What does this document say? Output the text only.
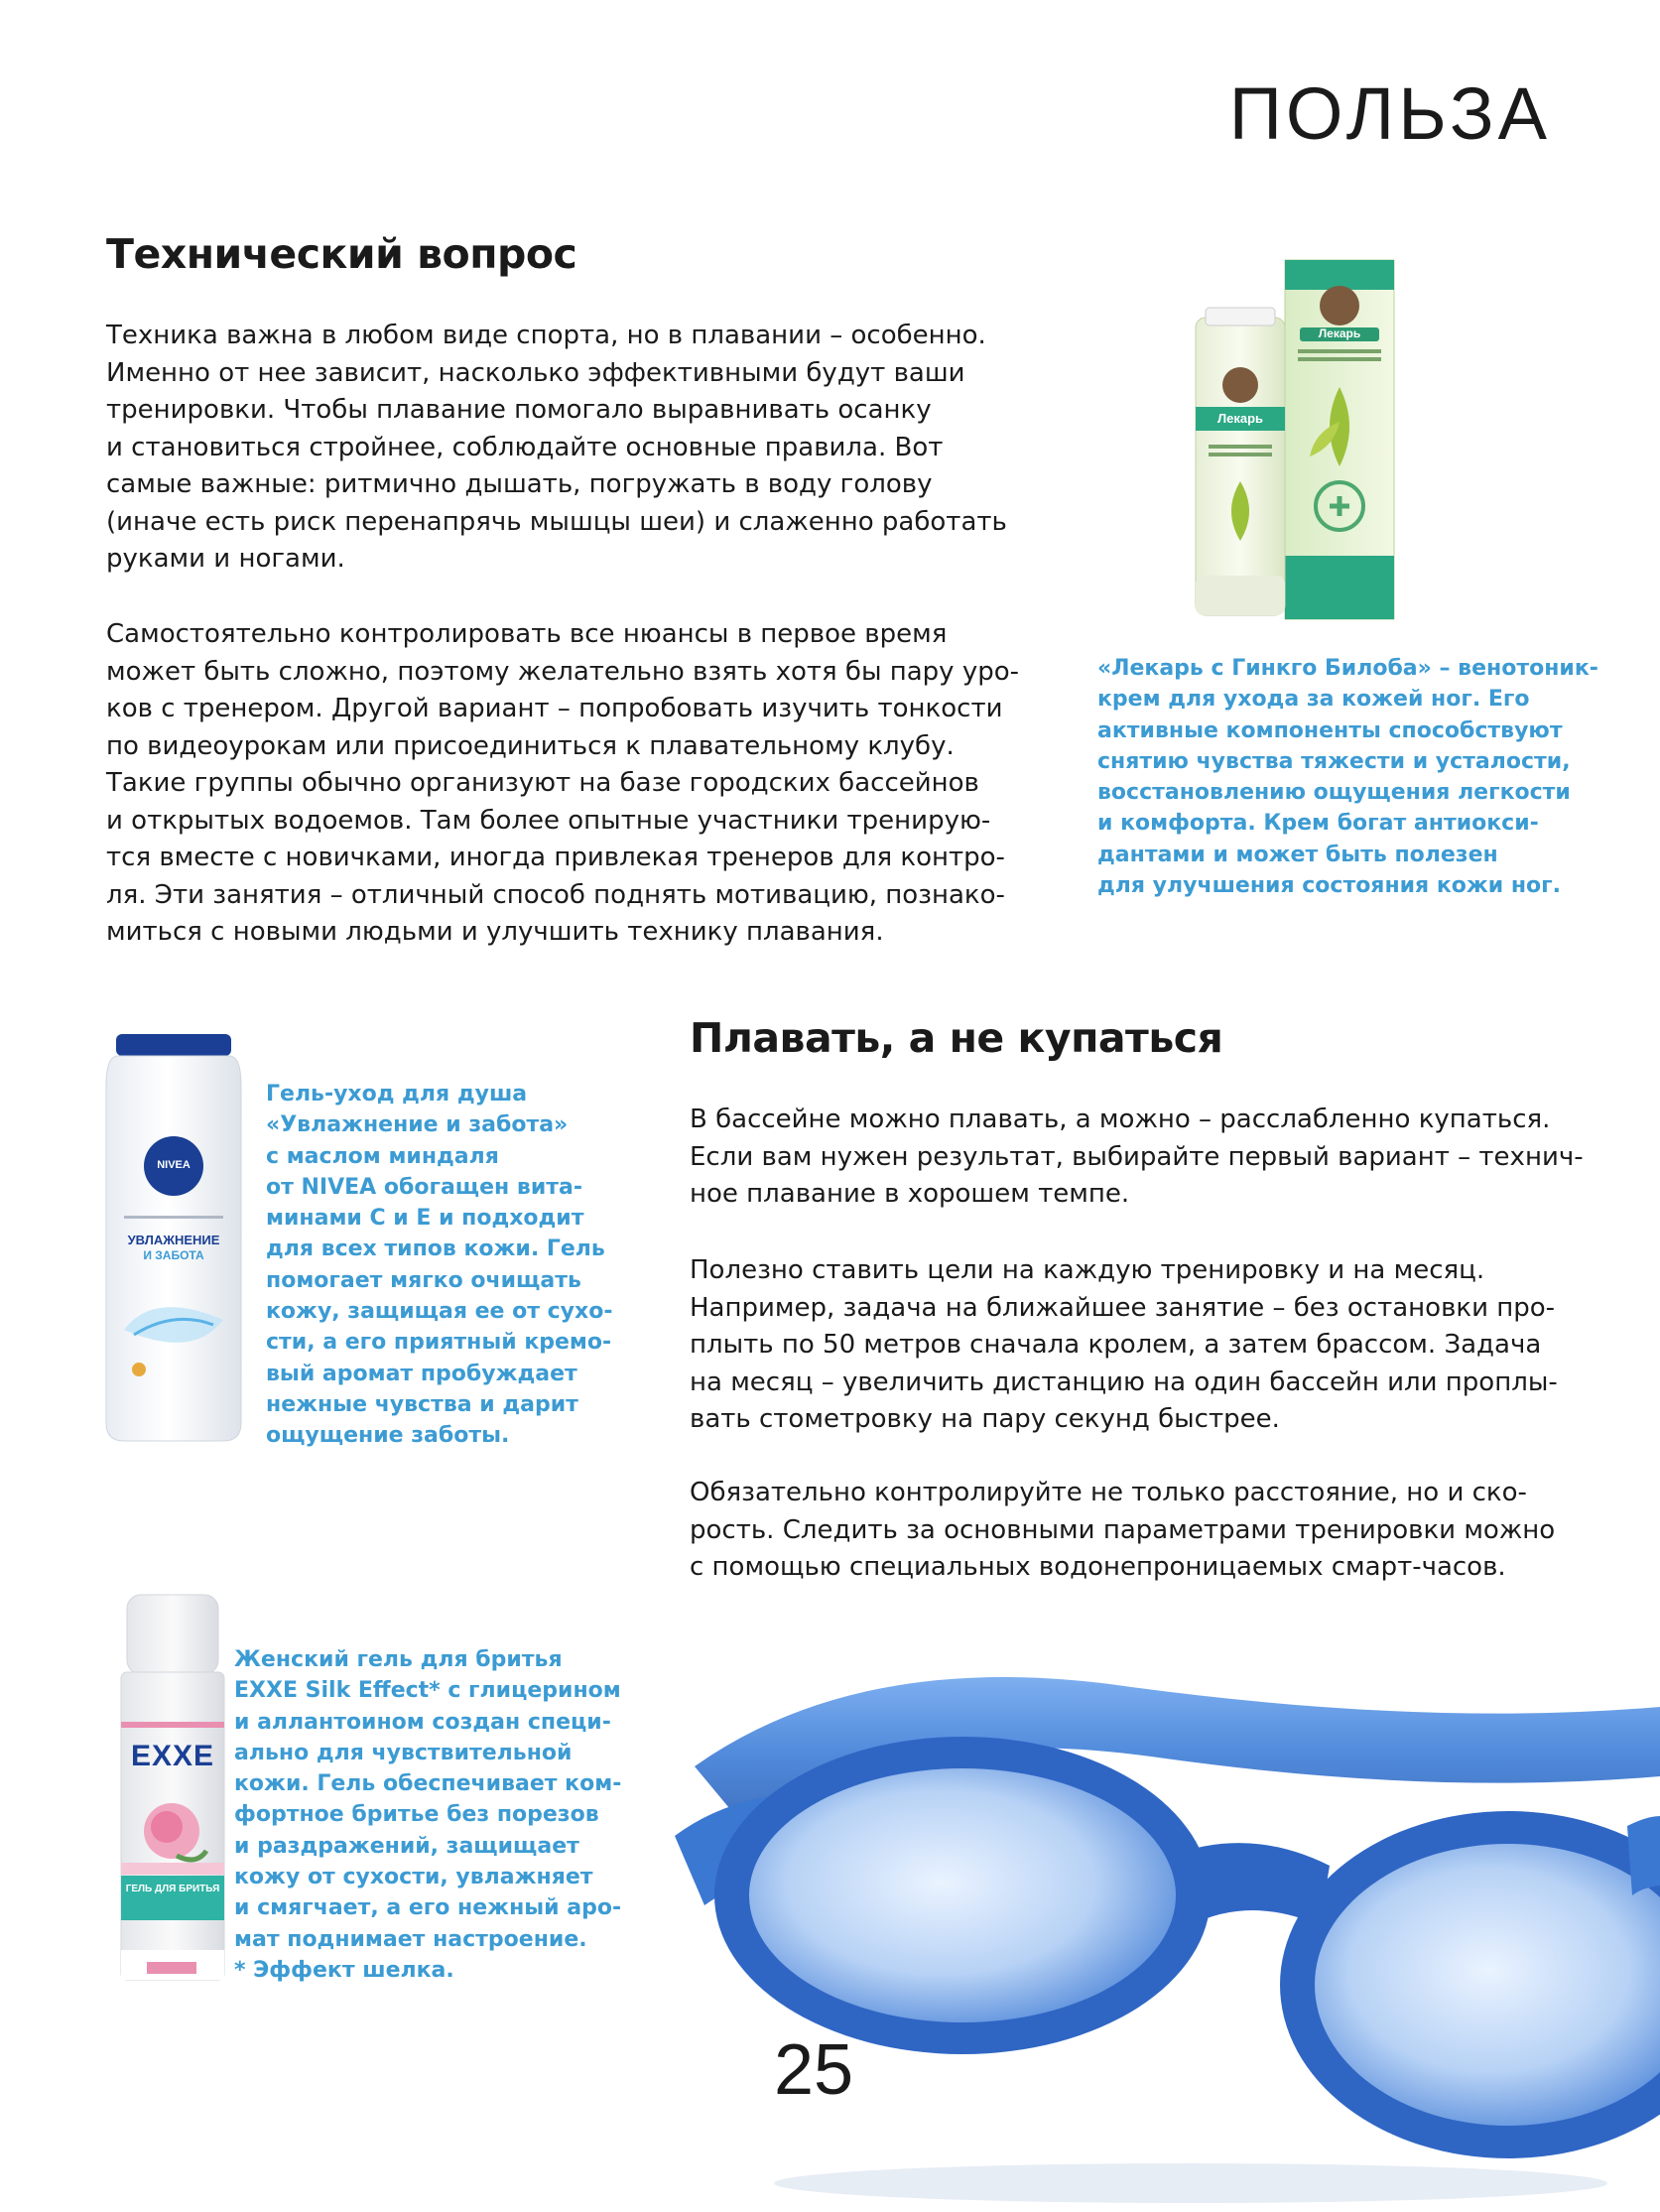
ПОЛЬЗА
Технический вопрос

Техника важна в любом виде спорта, но в плавании – особенно.
Именно от нее зависит, насколько эффективными будут ваши
тренировки. Чтобы плавание помогало выравнивать осанку
и становиться стройнее, соблюдайте основные правила. Вот
самые важные: ритмично дышать, погружать в воду голову
(иначе есть риск перенапрячь мышцы шеи) и слаженно работать
руками и ногами.

Самостоятельно контролировать все нюансы в первое время
может быть сложно, поэтому желательно взять хотя бы пару уро-
ков с тренером. Другой вариант – попробовать изучить тонкости
по видеоурокам или присоединиться к плавательному клубу.
Такие группы обычно организуют на базе городских бассейнов
и открытых водоемов. Там более опытные участники тренирую-
тся вместе с новичками, иногда привлекая тренеров для контро-
ля. Эти занятия – отличный способ поднять мотивацию, познако-
миться с новыми людьми и улучшить технику плавания.

Лекарь
Лекарь

«Лекарь с Гинкго Билоба» – венотоник-
крем для ухода за кожей ног. Его
активные компоненты способствуют
снятию чувства тяжести и усталости,
восстановлению ощущения легкости
и комфорта. Крем богат антиокси-
дантами и может быть полезен
для улучшения состояния кожи ног.

NIVEA
УВЛАЖНЕНИЕ
И ЗАБОТА

Гель-уход для душа
«Увлажнение и забота»
с маслом миндаля
от NIVEA обогащен вита-
минами С и Е и подходит
для всех типов кожи. Гель
помогает мягко очищать
кожу, защищая ее от сухо-
сти, а его приятный кремо-
вый аромат пробуждает
нежные чувства и дарит
ощущение заботы.

EXXE
ГЕЛЬ ДЛЯ БРИТЬЯ

Женский гель для бритья
EXXE Silk Effect* с глицерином
и аллантоином создан специ-
ально для чувствительной
кожи. Гель обеспечивает ком-
фортное бритье без порезов
и раздражений, защищает
кожу от сухости, увлажняет
и смягчает, а его нежный аро-
мат поднимает настроение.
* Эффект шелка.

Плавать, а не купаться

В бассейне можно плавать, а можно – расслабленно купаться.
Если вам нужен результат, выбирайте первый вариант – технич-
ное плавание в хорошем темпе.

Полезно ставить цели на каждую тренировку и на месяц.
Например, задача на ближайшее занятие – без остановки про-
плыть по 50 метров сначала кролем, а затем брассом. Задача
на месяц – увеличить дистанцию на один бассейн или проплы-
вать стометровку на пару секунд быстрее.

Обязательно контролируйте не только расстояние, но и ско-
рость. Следить за основными параметрами тренировки можно
с помощью специальных водонепроницаемых смарт-часов.

25
